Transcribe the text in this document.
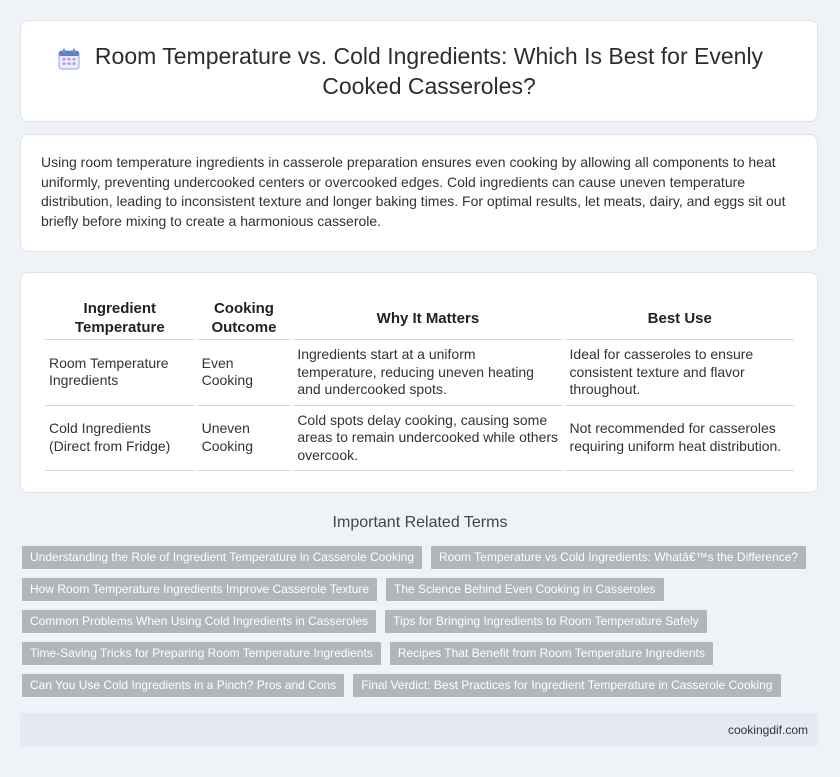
Room Temperature vs. Cold Ingredients: Which Is Best for Evenly Cooked Casseroles?

Using room temperature ingredients in casserole preparation ensures even cooking by allowing all components to heat uniformly, preventing undercooked centers or overcooked edges. Cold ingredients can cause uneven temperature distribution, leading to inconsistent texture and longer baking times. For optimal results, let meats, dairy, and eggs sit out briefly before mixing to create a harmonious casserole.

Ingredient Temperature	Cooking Outcome	Why It Matters	Best Use
Room Temperature Ingredients	Even Cooking	Ingredients start at a uniform temperature, reducing uneven heating and undercooked spots.	Ideal for casseroles to ensure consistent texture and flavor throughout.
Cold Ingredients (Direct from Fridge)	Uneven Cooking	Cold spots delay cooking, causing some areas to remain undercooked while others overcook.	Not recommended for casseroles requiring uniform heat distribution.
Important Related Terms
Understanding the Role of Ingredient Temperature in Casserole Cooking	Room Temperature vs Cold Ingredients: Whatâ€™s the Difference?
How Room Temperature Ingredients Improve Casserole Texture	The Science Behind Even Cooking in Casseroles
Common Problems When Using Cold Ingredients in Casseroles	Tips for Bringing Ingredients to Room Temperature Safely
Time-Saving Tricks for Preparing Room Temperature Ingredients	Recipes That Benefit from Room Temperature Ingredients
Can You Use Cold Ingredients in a Pinch? Pros and Cons	Final Verdict: Best Practices for Ingredient Temperature in Casserole Cooking
cookingdif.com
